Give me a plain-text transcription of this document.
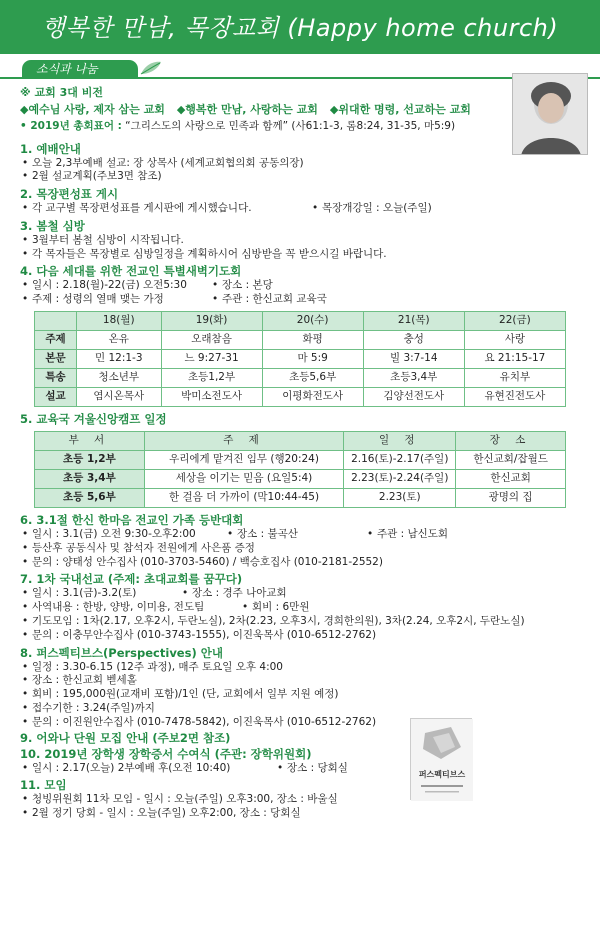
행복한 만남, 목장교회 (Happy home church)
소식과 나눔
※ 교회 3대 비전
◆예수님 사랑, 제자 삼는 교회 ◆행복한 만남, 사랑하는 교회 ◆위대한 명령, 선교하는 교회
• 2019년 총회표어 : “그리스도의 사랑으로 민족과 함께” (사61:1-3, 롬8:24, 31-35, 마5:9)
1. 예배안내
• 오늘 2,3부예배 설교: 장 상목사 (세계교회협의회 공동의장)
• 2월 설교계획(주보3면 참조)
2. 목장편성표 게시
• 각 교구별 목장편성표를 게시판에 게시했습니다.	• 목장개강일 : 오늘(주일)
3. 봄철 심방
• 3월부터 봄철 심방이 시작됩니다.
• 각 목자들은 목장별로 심방일정을 계획하시어 심방받을 꼭 받으시길 바랍니다.
4. 다음 세대를 위한 전교인 특별새벽기도회
• 일시 : 2.18(월)-22(금) 오전5:30	• 장소 : 본당
• 주제 : 성령의 열매 맺는 가정	• 주관 : 한신교회 교육국
	18(월)	19(화)	20(수)	21(목)	22(금)
주제	온유	오래참음	화평	충성	사랑
본문	민 12:1-3	느 9:27-31	마 5:9	빌 3:7-14	요 21:15-17
특송	청소년부	초등1,2부	초등5,6부	초등3,4부	유치부
설교	염시온목사	박미소전도사	이평화전도사	김양선전도사	유현진전도사
5. 교육국 겨울신앙캠프 일정
부 서	주 제	일 정	장 소
초등 1,2부	우리에게 맡겨진 임무 (행20:24)	2.16(토)-2.17(주일)	한신교회/잡월드
초등 3,4부	세상을 이기는 믿음 (요일5:4)	2.23(토)-2.24(주일)	한신교회
초등 5,6부	한 걸음 더 가까이 (막10:44-45)	2.23(토)	광명의 집
6. 3.1절 한신 한마음 전교인 가족 등반대회
• 일시 : 3.1(금) 오전 9:30-오후2:00	• 장소 : 불곡산	• 주관 : 남신도회
• 등산후 공동식사 및 참석자 전원에게 사은품 증정
• 문의 : 양태성 안수집사 (010-3703-5460) / 백승호집사 (010-2181-2552)
7. 1차 국내선교 (주제: 초대교회를 꿈꾸다)
• 일시 : 3.1(금)-3.2(토)	• 장소 : 경주 나아교회
• 사역내용 : 한방, 양방, 이미용, 전도팀	• 회비 : 6만원
• 기도모임 : 1차(2.17, 오후2시, 두란노실), 2차(2.23, 오후3시, 경희한의원), 3차(2.24, 오후2시, 두란노실)
• 문의 : 이충무안수집사 (010-3743-1555), 이진욱목사 (010-6512-2762)
8. 퍼스펙티브스(Perspectives) 안내
• 일정 : 3.30-6.15 (12주 과정), 매주 토요일 오후 4:00
• 장소 : 한신교회 벧세홀
• 회비 : 195,000원(교재비 포함)/1인 (단, 교회에서 일부 지원 예정)
• 접수기한 : 3.24(주일)까지
• 문의 : 이진원안수집사 (010-7478-5842), 이진욱목사 (010-6512-2762)
9. 어와나 단원 모집 안내 (주보2면 참조)
10. 2019년 장학생 장학증서 수여식 (주관: 장학위원회)
• 일시 : 2.17(오늘) 2부예배 후(오전 10:40)	• 장소 : 당회실
11. 모임
• 청빙위원회 11차 모임 - 일시 : 오늘(주일) 오후3:00, 장소 : 바울실
• 2월 정기 당회 - 일시 : 오늘(주일) 오후2:00, 장소 : 당회실
퍼스펙티브스
